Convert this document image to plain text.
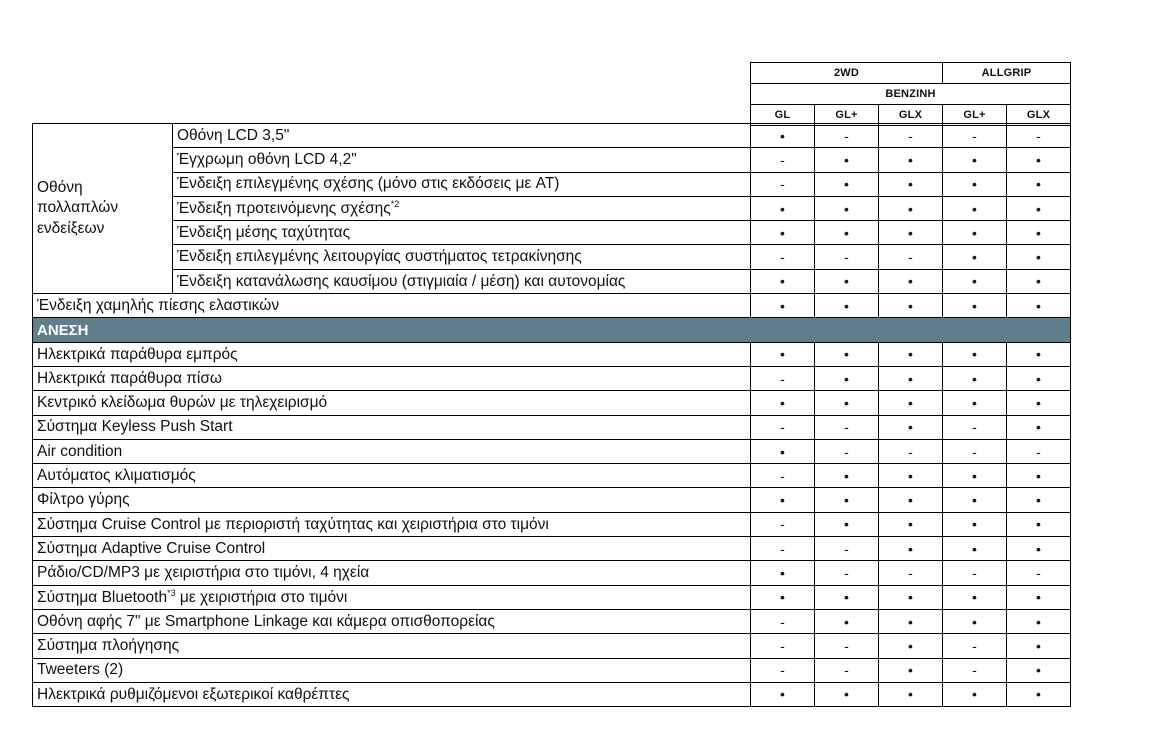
2WD			ALLGRIP	
BENZINH				
GL	GL+	GLX	GL+	GLX
Οθόνη πολλαπλών ενδείξεων	Οθόνη LCD 3,5"	•	-	-	-	-
	Έγχρωμη οθόνη LCD 4,2"	-	•	•	•	•
	Ένδειξη επιλεγμένης σχέσης (μόνο στις εκδόσεις με AT)	-	•	•	•	•
	Ένδειξη προτεινόμενης σχέσης$^{*2}$	•	•	•	•	•
	Ένδειξη μέσης ταχύτητας	•	•	•	•	•
	Ένδειξη επιλεγμένης λειτουργίας συστήματος τετρακίνησης	-	-	-	•	•
	Ένδειξη κατανάλωσης καυσίμου (στιγμιαία / μέση) και αυτονομίας	•	•	•	•	•
Ένδειξη χαμηλής πίεσης ελαστικών		•	•	•	•	•
ΑΝΕΣΗ						
Ηλεκτρικά παράθυρα εμπρός		•	•	•	•	•
Ηλεκτρικά παράθυρα πίσω		-	•	•	•	•
Κεντρικό κλείδωμα θυρών με τηλεχειρισμό		•	•	•	•	•
Σύστημα Keyless Push Start		-	-	•	-	•
Air condition		•	-	-	-	-
Αυτόματος κλιματισμός		-	•	•	•	•
Φίλτρο γύρης		•	•	•	•	•
Σύστημα Cruise Control με περιοριστή ταχύτητας και χειριστήρια στο τιμόνι		-	•	•	•	•
Σύστημα Adaptive Cruise Control		-	-	•	•	•
Ράδιο/CD/MP3 με χειριστήρια στο τιμόνι, 4 ηχεία		•	-	-	-	-
Σύστημα Bluetooth$^{*3}$ με χειριστήρια στο τιμόνι		•	•	•	•	•
Οθόνη αφής 7" με Smartphone Linkage και κάμερα οπισθοπορείας		-	•	•	•	•
Σύστημα πλοήγησης		-	-	•	-	•
Tweeters (2)		-	-	•	-	•
Ηλεκτρικά ρυθμιζόμενοι εξωτερικοί καθρέπτες		•	•	•	•	•
